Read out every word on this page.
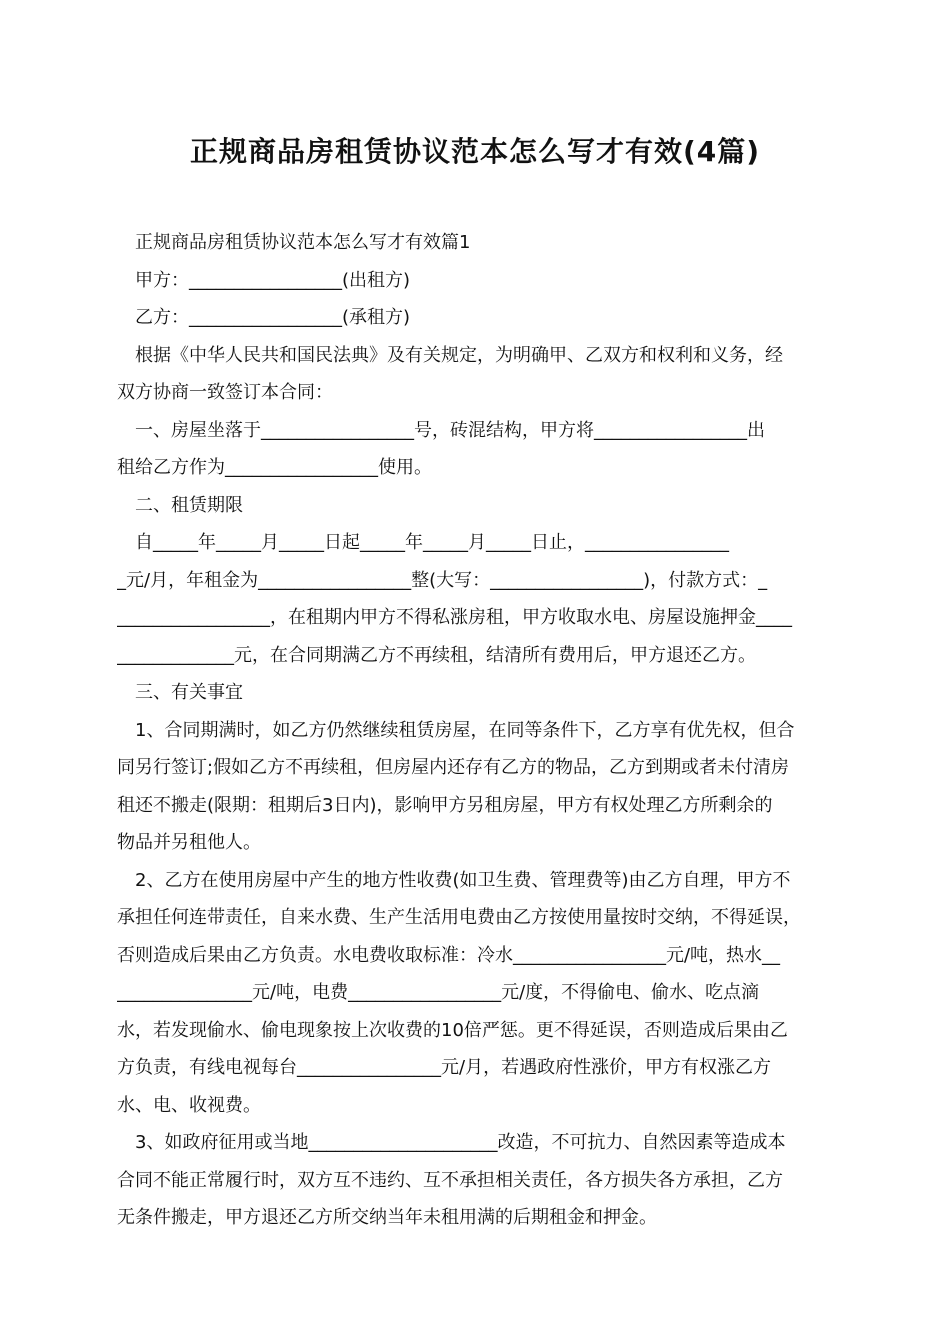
正规商品房租赁协议范本怎么写才有效(4篇)
正规商品房租赁协议范本怎么写才有效篇1
甲方：_________________(出租方)
乙方：_________________(承租方)
根据《中华人民共和国民法典》及有关规定，为明确甲、乙双方和权利和义务，经
双方协商一致签订本合同：
一、房屋坐落于_________________号，砖混结构，甲方将_________________出
租给乙方作为_________________使用。
二、租赁期限
自_____年_____月_____日起_____年_____月_____日止，________________
_元/月，年租金为_________________整(大写：_________________)，付款方式：_
_________________，在租期内甲方不得私涨房租，甲方收取水电、房屋设施押金____
_____________元，在合同期满乙方不再续租，结清所有费用后，甲方退还乙方。
三、有关事宜
1、合同期满时，如乙方仍然继续租赁房屋，在同等条件下，乙方享有优先权，但合
同另行签订;假如乙方不再续租，但房屋内还存有乙方的物品，乙方到期或者未付清房
租还不搬走(限期：租期后3日内)，影响甲方另租房屋，甲方有权处理乙方所剩余的
物品并另租他人。
2、乙方在使用房屋中产生的地方性收费(如卫生费、管理费等)由乙方自理，甲方不
承担任何连带责任，自来水费、生产生活用电费由乙方按使用量按时交纳，不得延误，
否则造成后果由乙方负责。水电费收取标准：冷水_________________元/吨，热水__
_______________元/吨，电费_________________元/度，不得偷电、偷水、吃点滴
水，若发现偷水、偷电现象按上次收费的10倍严惩。更不得延误，否则造成后果由乙
方负责，有线电视每台________________元/月，若遇政府性涨价，甲方有权涨乙方
水、电、收视费。
3、如政府征用或当地_____________________改造，不可抗力、自然因素等造成本
合同不能正常履行时，双方互不违约、互不承担相关责任，各方损失各方承担，乙方
无条件搬走，甲方退还乙方所交纳当年未租用满的后期租金和押金。
